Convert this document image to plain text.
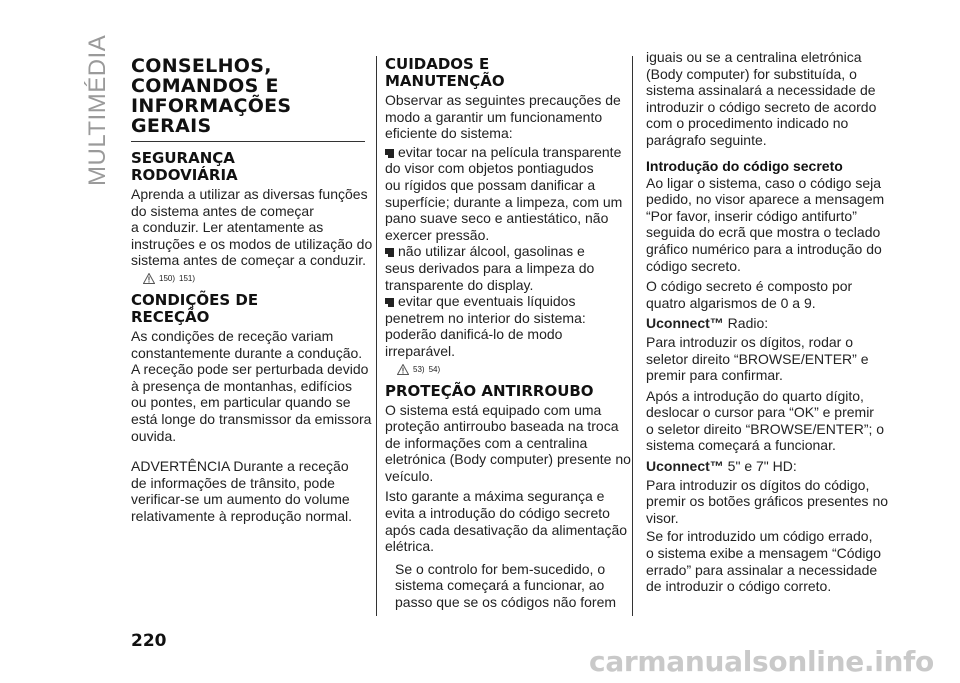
MULTIMÉDIA CONSELHOS,
COMANDOS E
INFORMAÇÕES
GERAIS
SEGURANÇA
RODOVIÁRIA

Aprenda a utilizar as diversas funções
do sistema antes de começar
a conduzir. Ler atentamente as
instruções e os modos de utilização do
sistema antes de começar a conduzir.

150) 151)
CONDIÇÕES DE
RECEÇÃO

As condições de receção variam
constantemente durante a condução.
A receção pode ser perturbada devido
à presença de montanhas, edifícios
ou pontes, em particular quando se
está longe do transmissor da emissora
ouvida.

ADVERTÊNCIA Durante a receção
de informações de trânsito, pode
verificar-se um aumento do volume
relativamente à reprodução normal.

CUIDADOS E
MANUTENÇÃO

Observar as seguintes precauções de
modo a garantir um funcionamento
eficiente do sistema:

evitar tocar na película transparente
do visor com objetos pontiagudos
ou rígidos que possam danificar a
superfície; durante a limpeza, com um
pano suave seco e antiestático, não
exercer pressão.

não utilizar álcool, gasolinas e
seus derivados para a limpeza do
transparente do display.

evitar que eventuais líquidos
penetrem no interior do sistema:
poderão danificá-lo de modo
irreparável.

53) 54)
PROTEÇÃO ANTIRROUBO

O sistema está equipado com uma
proteção antirroubo baseada na troca
de informações com a centralina
eletrónica (Body computer) presente no
veículo.

Isto garante a máxima segurança e
evita a introdução do código secreto
após cada desativação da alimentação
elétrica.

Se o controlo for bem-sucedido, o
sistema começará a funcionar, ao
passo que se os códigos não forem

iguais ou se a centralina eletrónica
(Body computer) for substituída, o
sistema assinalará a necessidade de
introduzir o código secreto de acordo
com o procedimento indicado no
parágrafo seguinte.

Introdução do código secreto

Ao ligar o sistema, caso o código seja
pedido, no visor aparece a mensagem
“Por favor, inserir código antifurto”
seguida do ecrã que mostra o teclado
gráfico numérico para a introdução do
código secreto.

O código secreto é composto por
quatro algarismos de 0 a 9.

Uconnect™ Radio:

Para introduzir os dígitos, rodar o
seletor direito “BROWSE/ENTER” e
premir para confirmar.

Após a introdução do quarto dígito,
deslocar o cursor para “OK” e premir
o seletor direito “BROWSE/ENTER”; o
sistema começará a funcionar.

Uconnect™ 5" e 7" HD:

Para introduzir os dígitos do código,
premir os botões gráficos presentes no
visor.

Se for introduzido um código errado,
o sistema exibe a mensagem “Código
errado” para assinalar a necessidade
de introduzir o código correto.

220
carmanualsonline.info
